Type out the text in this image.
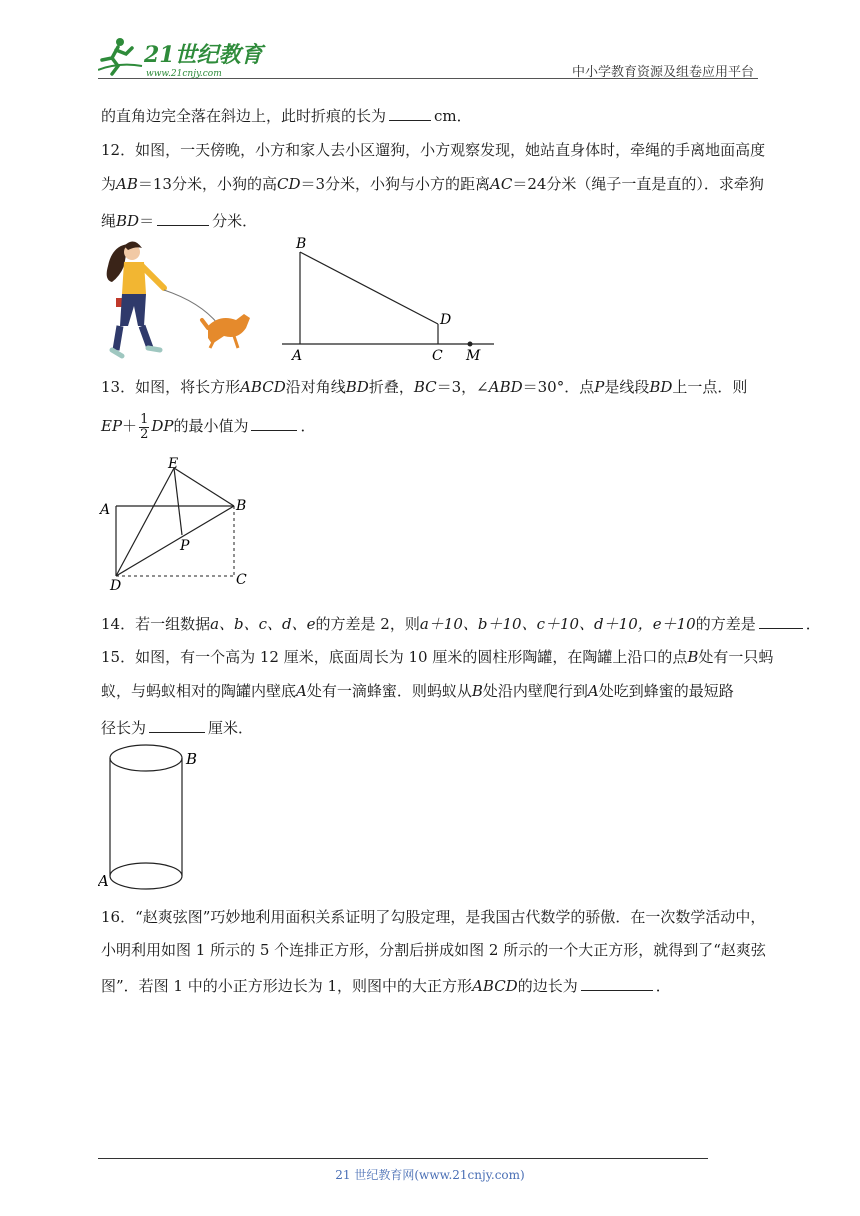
21世纪教育
www.21cnjy.com	中小学教育资源及组卷应用平台
的直角边完全落在斜边上，此时折痕的长为	cm．
12．如图，一天傍晚，小方和家人去小区遛狗，小方观察发现，她站直身体时，牵绳的手离地面高度
为AB＝13分米，小狗的高CD＝3分米，小狗与小方的距离AC＝24分米（绳子一直是直的）．求牵狗
绳BD＝	分米．
B
D
A	C M
13．如图，将长方形ABCD沿对角线BD折叠，BC＝3，∠ABD＝30°．点P是线段BD上一点．则
$EP+ \frac{1}{2}$ DP的最小值为	．
E
A	B
P
D	C
14．若一组数据a、b、c、d、e的方差是 2，则a＋10、b＋10、c＋10、d＋10，e＋10的方差是	．
15．如图，有一个高为 12 厘米，底面周长为 10 厘米的圆柱形陶罐，在陶罐上沿口的点B处有一只蚂
蚁，与蚂蚁相对的陶罐内壁底A处有一滴蜂蜜．则蚂蚁从B处沿内壁爬行到A处吃到蜂蜜的最短路
径长为	厘米．
B
A
16．“赵爽弦图”巧妙地利用面积关系证明了勾股定理，是我国古代数学的骄傲．在一次数学活动中，
小明利用如图 1 所示的 5 个连排正方形，分割后拼成如图 2 所示的一个大正方形，就得到了“赵爽弦
图”．若图 1 中的小正方形边长为 1，则图中的大正方形ABCD的边长为	．
21 世纪教育网(www.21cnjy.com)
